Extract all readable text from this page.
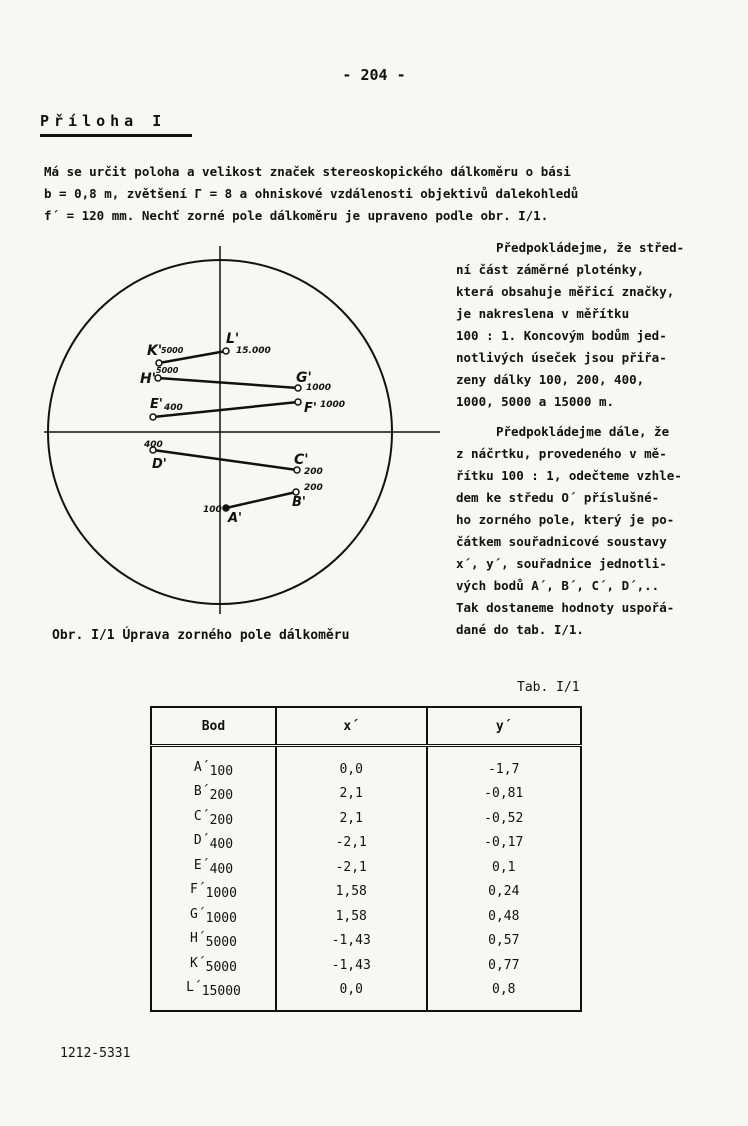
- 204 -
Příloha I
Má se určit poloha a velikost značek stereoskopického dálkoměru o bási
b = 0,8 m, zvětšení Γ = 8 a ohniskové vzdálenosti objektivů dalekohledů
f´ = 120 mm. Nechť zorné pole dálkoměru je upraveno podle obr. I/1.
Předpokládejme, že střed-
ní část záměrné ploténky,
která obsahuje měřicí značky,
je nakreslena v měřítku
100 : 1. Koncovým bodům jed-
notlivých úseček jsou přiřa-
zeny dálky 100, 200, 400,
1000, 5000 a 15000 m.
Předpokládejme dále, že
z náčrtku, provedeného v mě-
řítku 100 : 1, odečteme vzhle-
dem ke středu O´ příslušné-
ho zorného pole, který je po-
čátkem souřadnicové soustavy
x´, y´, souřadnice jednotli-
vých bodů A´, B´, C´, D´,..
Tak dostaneme hodnoty uspořá-
dané do tab. I/1.
K'
5000
L'
15.000
H'
5000	G'
1000
E' 400	F' 1000
400
D'	C'
200
200
B'
100
A'
Obr. I/1 Úprava zorného pole dálkoměru
Tab. I/1
Bod	x´	y´
$A´_{100}$	0,0	-1,7
$B´_{200}$	2,1	-0,81
$C´_{200}$	2,1	-0,52
$D´_{400}$	-2,1	-0,17
$E´_{400}$	-2,1	0,1
$F´_{1000}$	1,58	0,24
$G´_{1000}$	1,58	0,48
$H´_{5000}$	-1,43	0,57
$K´_{5000}$	-1,43	0,77
$L´_{15000}$	0,0	0,8
1212-5331
